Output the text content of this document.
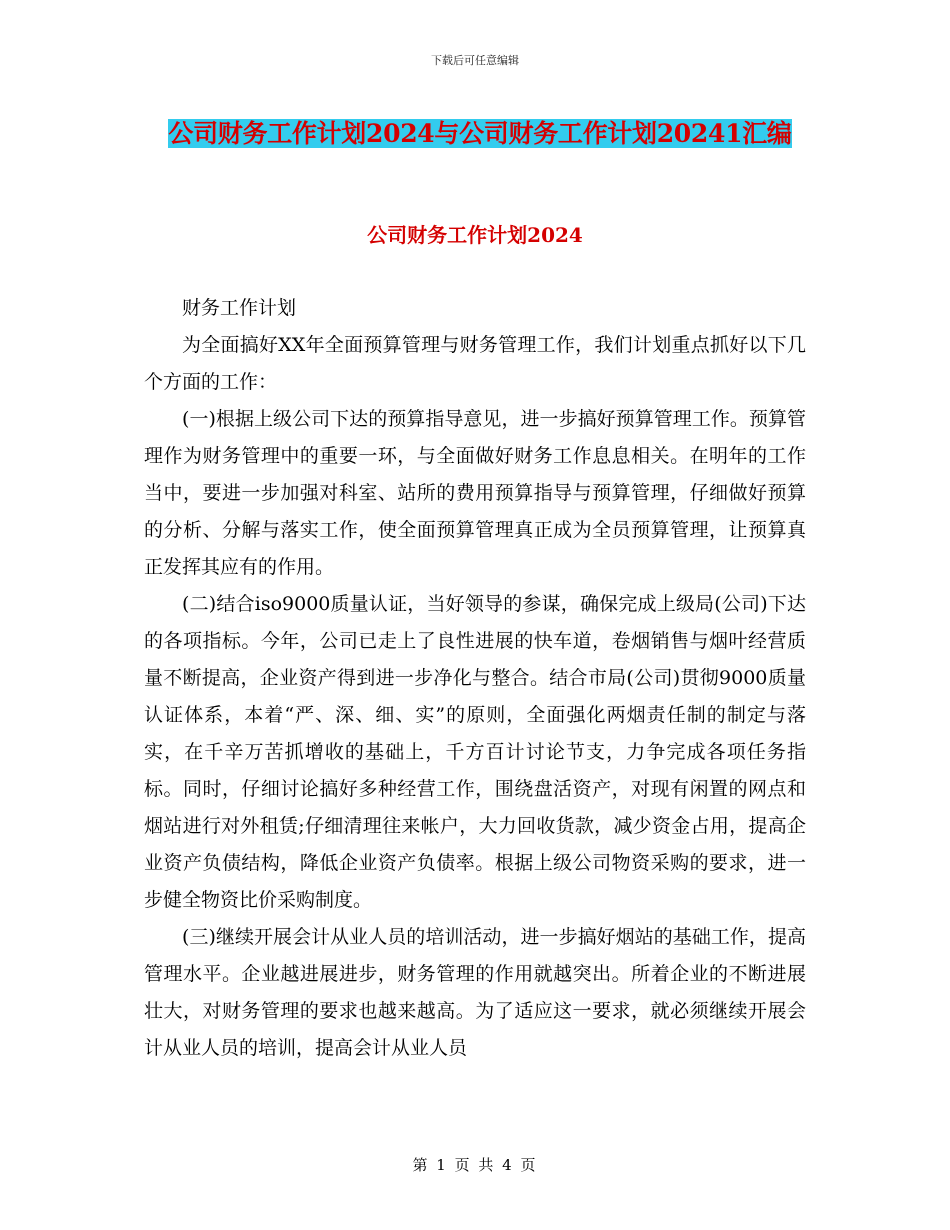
下载后可任意编辑
公司财务工作计划2024与公司财务工作计划20241汇编
公司财务工作计划2024

财务工作计划

为全面搞好XX年全面预算管理与财务管理工作，我们计划重点抓好以下几个方面的工作：

(一)根据上级公司下达的预算指导意见，进一步搞好预算管理工作。预算管理作为财务管理中的重要一环，与全面做好财务工作息息相关。在明年的工作当中，要进一步加强对科室、站所的费用预算指导与预算管理，仔细做好预算的分析、分解与落实工作，使全面预算管理真正成为全员预算管理，让预算真正发挥其应有的作用。

(二)结合iso9000质量认证，当好领导的参谋，确保完成上级局(公司)下达的各项指标。今年，公司已走上了良性进展的快车道，卷烟销售与烟叶经营质量不断提高，企业资产得到进一步净化与整合。结合市局(公司)贯彻9000质量认证体系，本着“严、深、细、实”的原则，全面强化两烟责任制的制定与落实，在千辛万苦抓增收的基础上，千方百计讨论节支，力争完成各项任务指标。同时，仔细讨论搞好多种经营工作，围绕盘活资产，对现有闲置的网点和烟站进行对外租赁;仔细清理往来帐户，大力回收货款，减少资金占用，提高企业资产负债结构，降低企业资产负债率。根据上级公司物资采购的要求，进一步健全物资比价采购制度。

(三)继续开展会计从业人员的培训活动，进一步搞好烟站的基础工作，提高管理水平。企业越进展进步，财务管理的作用就越突出。所着企业的不断进展壮大，对财务管理的要求也越来越高。为了适应这一要求，就必须继续开展会计从业人员的培训，提高会计从业人员

第 1 页 共 4 页
